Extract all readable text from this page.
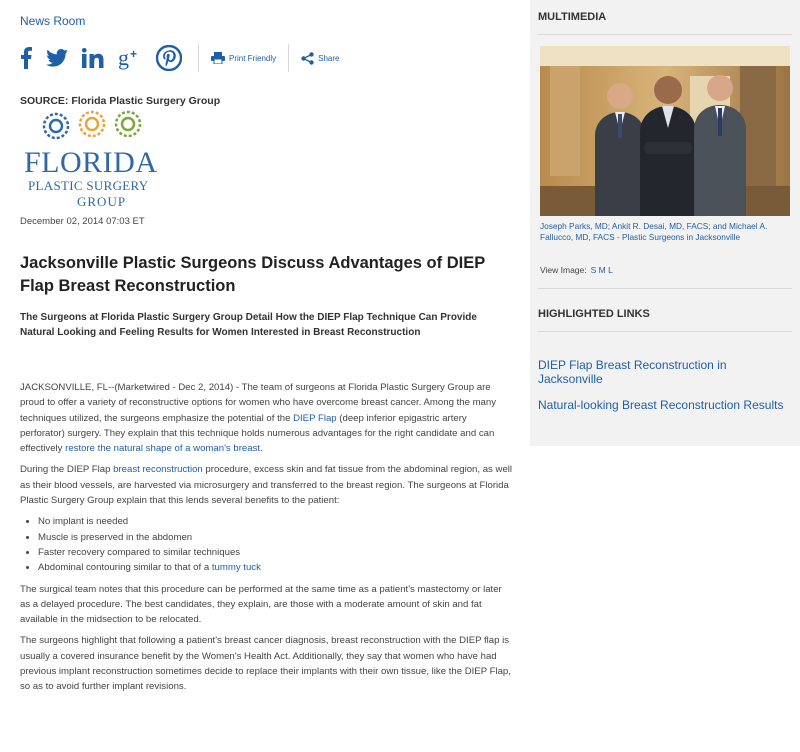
News Room
g +	Print Friendly	Share
SOURCE: Florida Plastic Surgery Group
FLORIDA
PLASTIC SURGERY
GROUP
December 02, 2014 07:03 ET
Jacksonville Plastic Surgeons Discuss Advantages of DIEP Flap Breast Reconstruction
The Surgeons at Florida Plastic Surgery Group Detail How the DIEP Flap Technique Can Provide Natural Looking and Feeling Results for Women Interested in Breast Reconstruction

JACKSONVILLE, FL--(Marketwired - Dec 2, 2014) - The team of surgeons at Florida Plastic Surgery Group are proud to offer a variety of reconstructive options for women who have overcome breast cancer. Among the many techniques utilized, the surgeons emphasize the potential of the DIEP Flap (deep inferior epigastric artery perforator) surgery. They explain that this technique holds numerous advantages for the right candidate and can effectively restore the natural shape of a woman's breast.

During the DIEP Flap breast reconstruction procedure, excess skin and fat tissue from the abdominal region, as well as their blood vessels, are harvested via microsurgery and transferred to the breast region. The surgeons at Florida Plastic Surgery Group explain that this lends several benefits to the patient:

• No implant is needed
• Muscle is preserved in the abdomen
• Faster recovery compared to similar techniques
• Abdominal contouring similar to that of a tummy tuck

The surgical team notes that this procedure can be performed at the same time as a patient's mastectomy or later as a delayed procedure. The best candidates, they explain, are those with a moderate amount of skin and fat available in the midsection to be relocated.

The surgeons highlight that following a patient's breast cancer diagnosis, breast reconstruction with the DIEP flap is usually a covered insurance benefit by the Women's Health Act. Additionally, they say that women who have had previous implant reconstruction sometimes decide to replace their implants with their own tissue, like the DIEP Flap, so as to avoid further implant revisions.

MULTIMEDIA
Joseph Parks, MD; Ankit R. Desai, MD, FACS; and Michael A. Fallucco, MD, FACS - Plastic Surgeons in Jacksonville
View Image: S M L
HIGHLIGHTED LINKS
DIEP Flap Breast Reconstruction in Jacksonville
Natural-looking Breast Reconstruction Results
